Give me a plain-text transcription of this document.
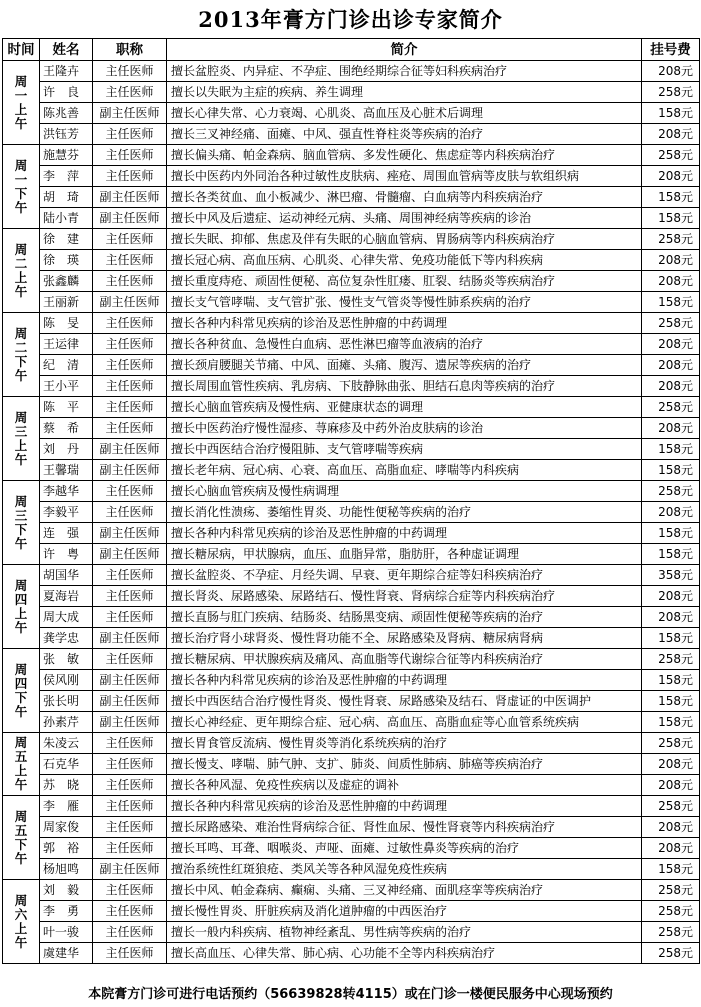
2013年膏方门诊出诊专家简介
时间	姓名	职称	简介	挂号费

周
一
上
午	王隆卉	主任医师	擅长盆腔炎、内异症、不孕症、围绝经期综合征等妇科疾病治疗	208元
	许　良	主任医师	擅长以失眠为主症的疾病、养生调理	258元
	陈兆善	副主任医师	擅长心律失常、心力衰竭、心肌炎、高血压及心脏术后调理	158元
	洪钰芳	主任医师	擅长三叉神经痛、面瘫、中风、强直性脊柱炎等疾病的治疗	208元

周
一
下
午	施慧芬	主任医师	擅长偏头痛、帕金森病、脑血管病、多发性硬化、焦虑症等内科疾病治疗	258元
	李　萍	主任医师	擅长中医药内外同治各种过敏性皮肤病、痤疮、周围血管病等皮肤与软组织病	208元
	胡　琦	副主任医师	擅长各类贫血、血小板减少、淋巴瘤、骨髓瘤、白血病等内科疾病治疗	158元
	陆小青	副主任医师	擅长中风及后遗症、运动神经元病、头痛、周围神经病等疾病的诊治	158元

周
二
上
午	徐　建	主任医师	擅长失眠、抑郁、焦虑及伴有失眠的心脑血管病、胃肠病等内科疾病治疗	258元
	徐　瑛	主任医师	擅长冠心病、高血压病、心肌炎、心律失常、免疫功能低下等内科疾病	208元
	张鑫麟	主任医师	擅长重度痔疮、顽固性便秘、高位复杂性肛瘘、肛裂、结肠炎等疾病治疗	208元
	王丽新	副主任医师	擅长支气管哮喘、支气管扩张、慢性支气管炎等慢性肺系疾病的治疗	158元

周
二
下
午	陈　旻	主任医师	擅长各种内科常见疾病的诊治及恶性肿瘤的中药调理	258元
	王运律	主任医师	擅长各种贫血、急慢性白血病、恶性淋巴瘤等血液病的治疗	208元
	纪　清	主任医师	擅长颈肩腰腿关节痛、中风、面瘫、头痛、腹泻、遗尿等疾病的治疗	208元
	王小平	主任医师	擅长周围血管性疾病、乳房病、下肢静脉曲张、胆结石息肉等疾病的治疗	208元

周
三
上
午	陈　平	主任医师	擅长心脑血管疾病及慢性病、亚健康状态的调理	258元
	蔡　希	主任医师	擅长中医药治疗慢性湿疹、荨麻疹及中药外治皮肤病的诊治	208元
	刘　丹	副主任医师	擅长中西医结合治疗慢阻肺、支气管哮喘等疾病	158元
	王馨瑞	副主任医师	擅长老年病、冠心病、心衰、高血压、高脂血症、哮喘等内科疾病	158元

周
三
下
午	李越华	主任医师	擅长心脑血管疾病及慢性病调理	258元
	李毅平	主任医师	擅长消化性溃疡、萎缩性胃炎、功能性便秘等疾病的治疗	208元
	连　强	副主任医师	擅长各种内科常见疾病的诊治及恶性肿瘤的中药调理	158元
	许　粤	副主任医师	擅长糖尿病，甲状腺病，血压、血脂异常，脂肪肝，各种虚证调理	158元

周
四
上
午	胡国华	主任医师	擅长盆腔炎、不孕症、月经失调、早衰、更年期综合症等妇科疾病治疗	358元
	夏海岩	主任医师	擅长肾炎、尿路感染、尿路结石、慢性肾衰、肾病综合症等内科疾病治疗	208元
	周大成	主任医师	擅长直肠与肛门疾病、结肠炎、结肠黑变病、顽固性便秘等疾病的治疗	208元
	龚学忠	副主任医师	擅长治疗肾小球肾炎、慢性肾功能不全、尿路感染及肾病、糖尿病肾病	158元

周
四
下
午	张　敏	主任医师	擅长糖尿病、甲状腺疾病及痛风、高血脂等代谢综合征等内科疾病治疗	258元
	侯风刚	副主任医师	擅长各种内科常见疾病的诊治及恶性肿瘤的中药调理	158元
	张长明	副主任医师	擅长中西医结合治疗慢性肾炎、慢性肾衰、尿路感染及结石、肾虚证的中医调护	158元
	孙素芹	副主任医师	擅长心神经症、更年期综合症、冠心病、高血压、高脂血症等心血管系统疾病	158元

周
五
上
午	朱凌云	主任医师	擅长胃食管反流病、慢性胃炎等消化系统疾病的治疗	258元
	石克华	主任医师	擅长慢支、哮喘、肺气肿、支扩、肺炎、间质性肺病、肺癌等疾病治疗	208元
	苏　晓	主任医师	擅长各种风湿、免疫性疾病以及虚症的调补	208元

周
五
下
午	李　雁	主任医师	擅长各种内科常见疾病的诊治及恶性肿瘤的中药调理	258元
	周家俊	主任医师	擅长尿路感染、难治性肾病综合征、肾性血尿、慢性肾衰等内科疾病治疗	208元
	郭　裕	主任医师	擅长耳鸣、耳聋、咽喉炎、声哑、面瘫、过敏性鼻炎等疾病的治疗	208元
	杨旭鸣	副主任医师	擅治系统性红斑狼疮、类风关等各种风湿免疫性疾病	158元

周
六
上
午	刘　毅	主任医师	擅长中风、帕金森病、癫痫、头痛、三叉神经痛、面肌痉挛等疾病治疗	258元
	李　勇	主任医师	擅长慢性胃炎、肝脏疾病及消化道肿瘤的中西医治疗	258元
	叶一骏	主任医师	擅长一般内科疾病、植物神经紊乱、男性病等疾病的治疗	258元
	虞建华	主任医师	擅长高血压、心律失常、肺心病、心功能不全等内科疾病治疗	258元
本院膏方门诊可进行电话预约（56639828转4115）或在门诊一楼便民服务中心现场预约
